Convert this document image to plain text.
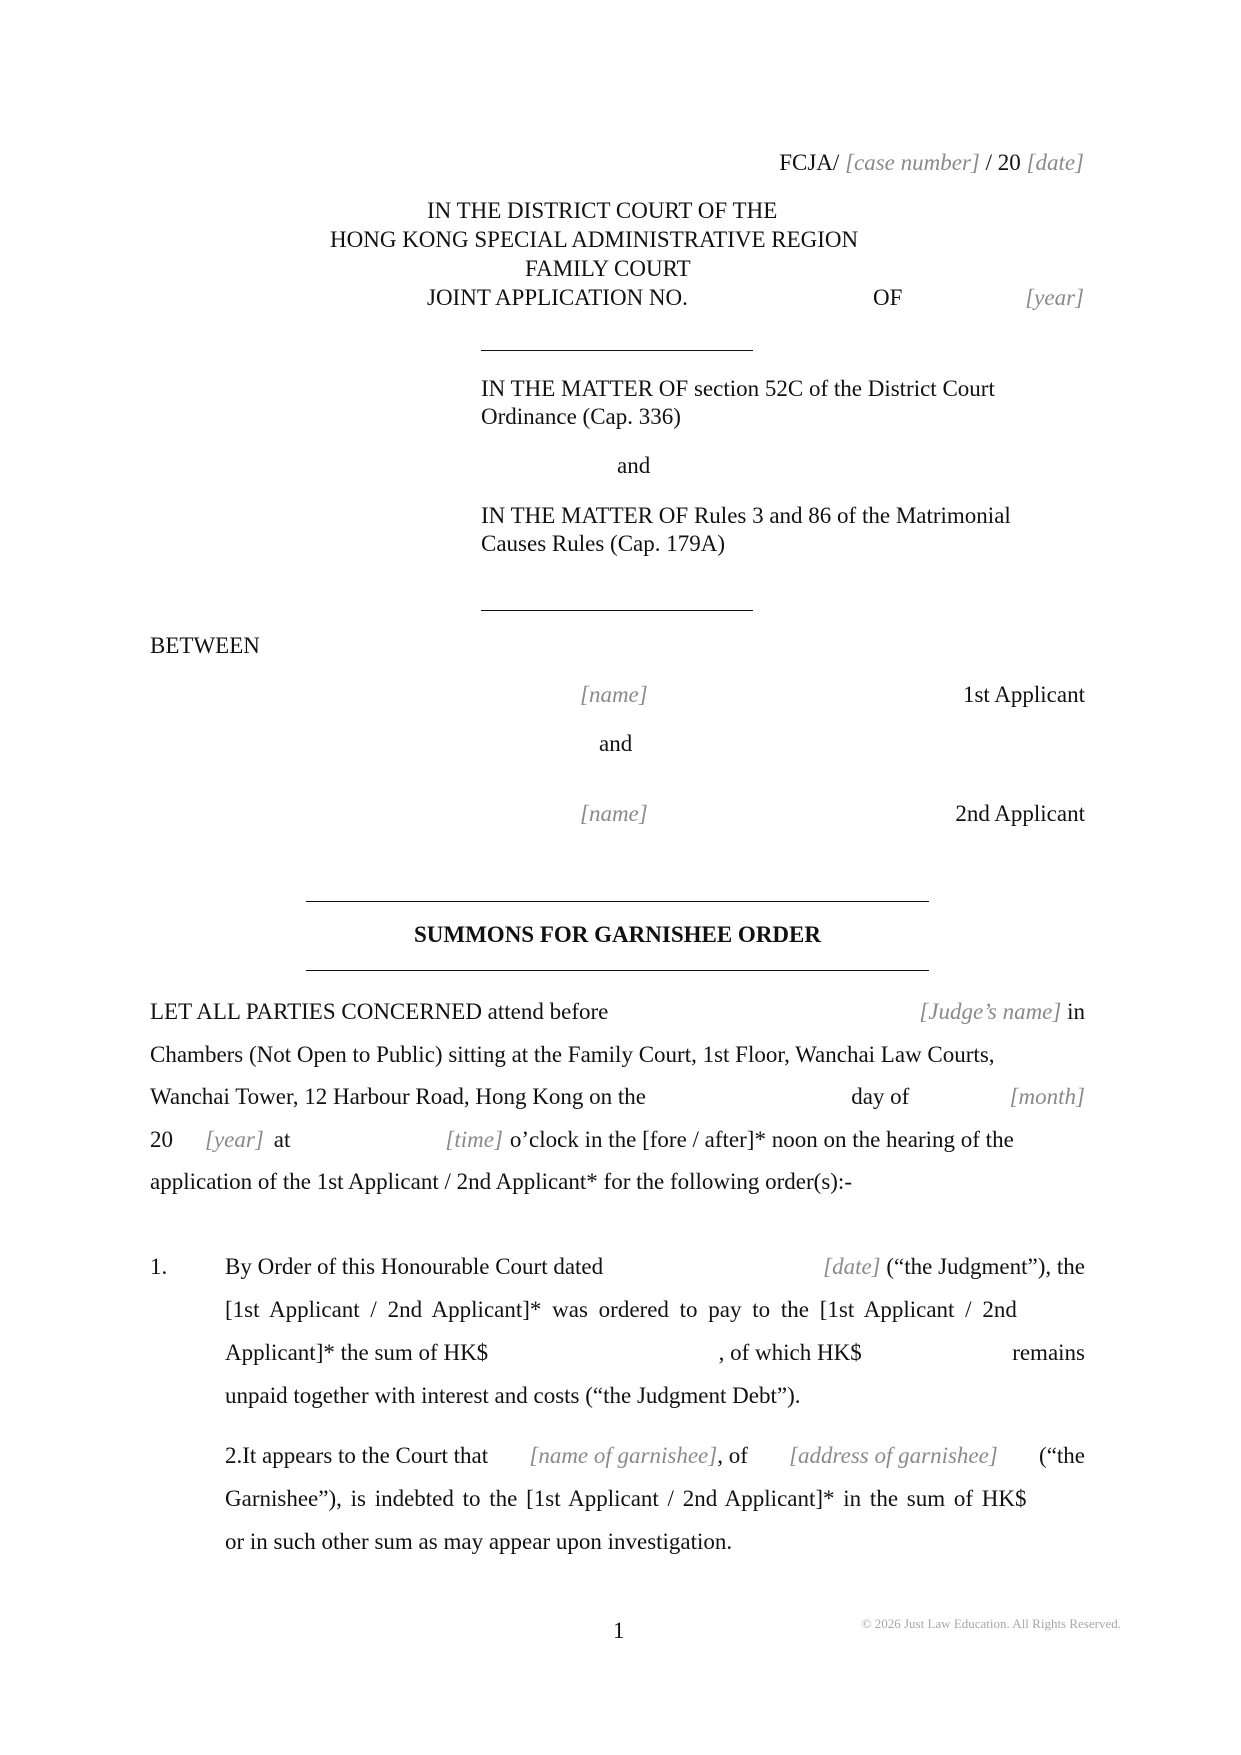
FCJA/ [case number] / 20 [date]
IN THE DISTRICT COURT OF THE
HONG KONG SPECIAL ADMINISTRATIVE REGION
FAMILY COURT
JOINT APPLICATION NO.	OF	[year]
IN THE MATTER OF section 52C of the District Court
Ordinance (Cap. 336)
and
IN THE MATTER OF Rules 3 and 86 of the Matrimonial
Causes Rules (Cap. 179A)
BETWEEN
[name]	1st Applicant
and
[name]	2nd Applicant
SUMMONS FOR GARNISHEE ORDER
LET ALL PARTIES CONCERNED attend before	[Judge’s name] in
Chambers (Not Open to Public) sitting at the Family Court, 1st Floor, Wanchai Law Courts,
Wanchai Tower, 12 Harbour Road, Hong Kong on the	day of	[month]
20 [year] at	[time] o’clock in the [fore / after]* noon on the hearing of the
application of the 1st Applicant / 2nd Applicant* for the following order(s):-
1.	By Order of this Honourable Court dated	[date] (“the Judgment”), the
[1st Applicant / 2nd Applicant]* was ordered to pay to the [1st Applicant / 2nd
Applicant]* the sum of HK$	, of which HK$	remains
unpaid together with interest and costs (“the Judgment Debt”).
2.It appears to the Court that [name of garnishee], of [address of garnishee] (“the
Garnishee”), is indebted to the [1st Applicant / 2nd Applicant]* in the sum of HK$
or in such other sum as may appear upon investigation.
1	© 2026 Just Law Education. All Rights Reserved.
